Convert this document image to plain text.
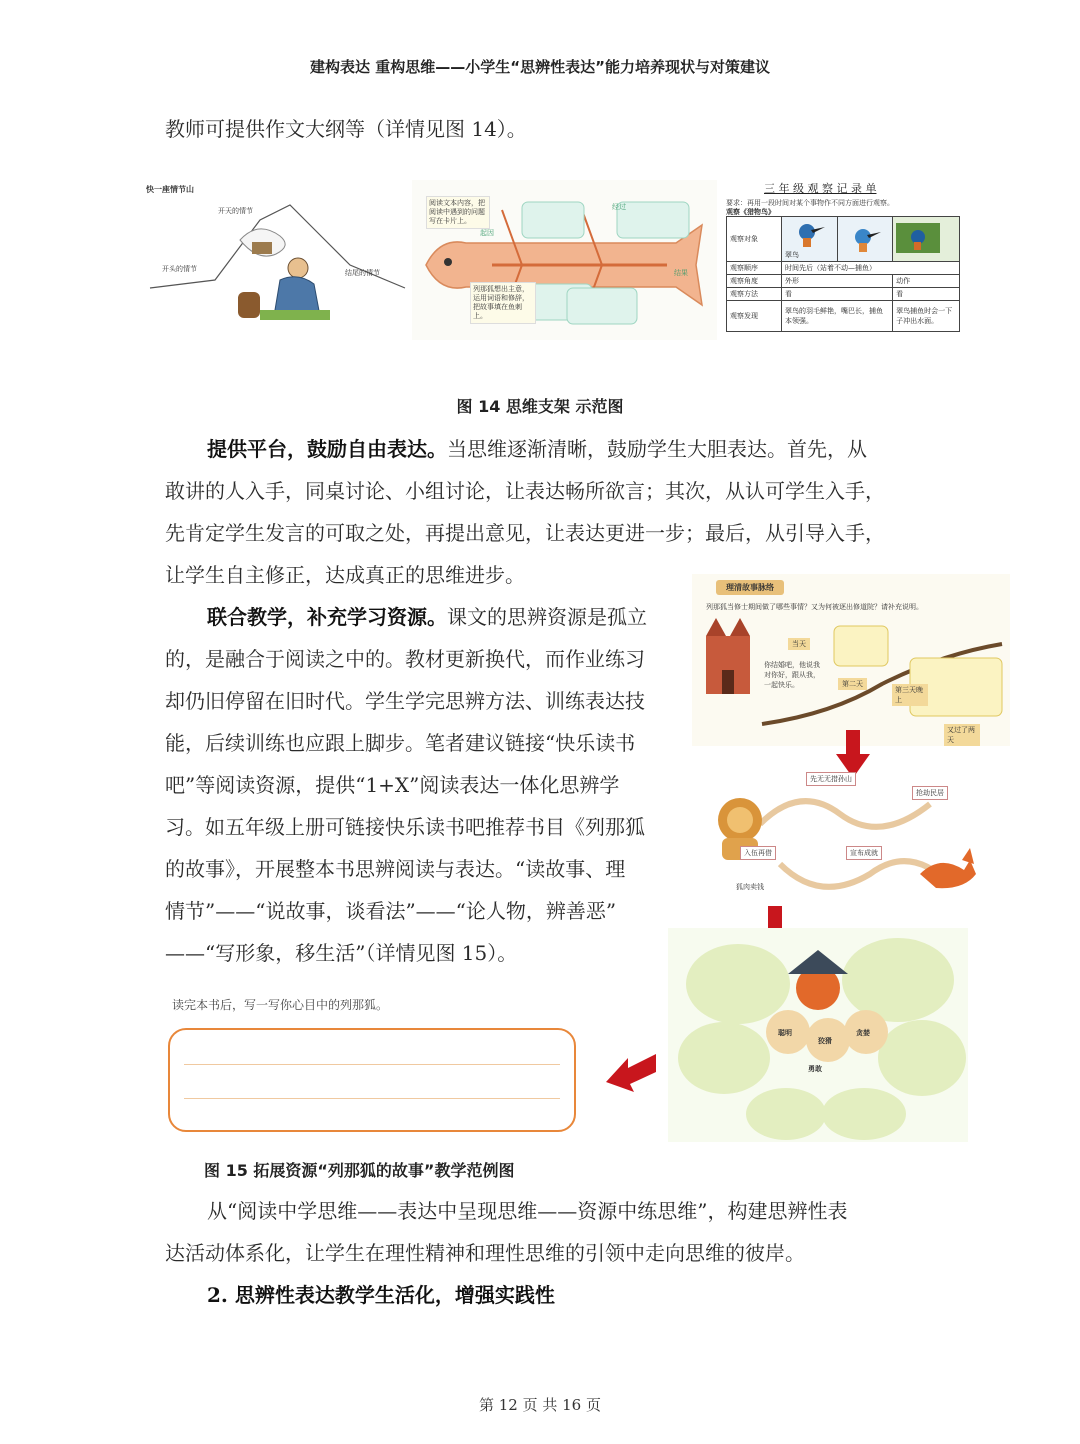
建构表达 重构思维——小学生“思辨性表达”能力培养现状与对策建议
教师可提供作文大纲等（详情见图 14）。
快一座情节山
开天的情节
开头的情节	结尾的情节
阅读文本内容，把阅读中遇到的问题写在卡片上。
列那狐想出主意，运用词语和修辞，把故事填在鱼刺上。
起因
经过
结果
三 年 级 观 察 记 录 单
要求：再用一段时间对某个事物作不同方面进行观察。
观察《猎物鸟》
观察对象	翠鸟

观察顺序	时间先后（站着不动—捕鱼）		
观察角度	外形		动作
观察方法	看		看
观察发现	翠鸟的羽毛鲜艳，嘴巴长，捕鱼本领强。		翠鸟捕鱼时会一下子冲出水面。
图 14 思维支架 示范图
提供平台，鼓励自由表达。当思维逐渐清晰，鼓励学生大胆表达。首先，从
敢讲的人入手，同桌讨论、小组讨论，让表达畅所欲言；其次，从认可学生入手，
先肯定学生发言的可取之处，再提出意见，让表达更进一步；最后，从引导入手，
让学生自主修正，达成真正的思维进步。
联合教学，补充学习资源。课文的思辨资源是孤立
的，是融合于阅读之中的。教材更新换代，而作业练习
却仍旧停留在旧时代。学生学完思辨方法、训练表达技
能，后续训练也应跟上脚步。笔者建议链接“快乐读书
吧”等阅读资源，提供“1+X”阅读表达一体化思辨学
习。如五年级上册可链接快乐读书吧推荐书目《列那狐
的故事》，开展整本书思辨阅读与表达。“读故事、理
情节”——“说故事，谈看法”——“论人物，辨善恶”
——“写形象，移生活”（详情见图 15）。
理清故事脉络
列那狐当修士期间做了哪些事情？又为何被逐出修道院？请补充说明。
当天
你结婚吧，他说我对你好，跟从我，一起快乐。	第二天
第三天晚上
又过了两天
先无无措孙山
抢劫民居
入伍再借	宣布成就
狐肉卖钱
聪明
狡猾
贪婪
勇敢
读完本书后，写一写你心目中的列那狐。
图 15 拓展资源“列那狐的故事”教学范例图
从“阅读中学思维——表达中呈现思维——资源中练思维”，构建思辨性表
达活动体系化，让学生在理性精神和理性思维的引领中走向思维的彼岸。
2. 思辨性表达教学生活化，增强实践性
第 12 页 共 16 页
